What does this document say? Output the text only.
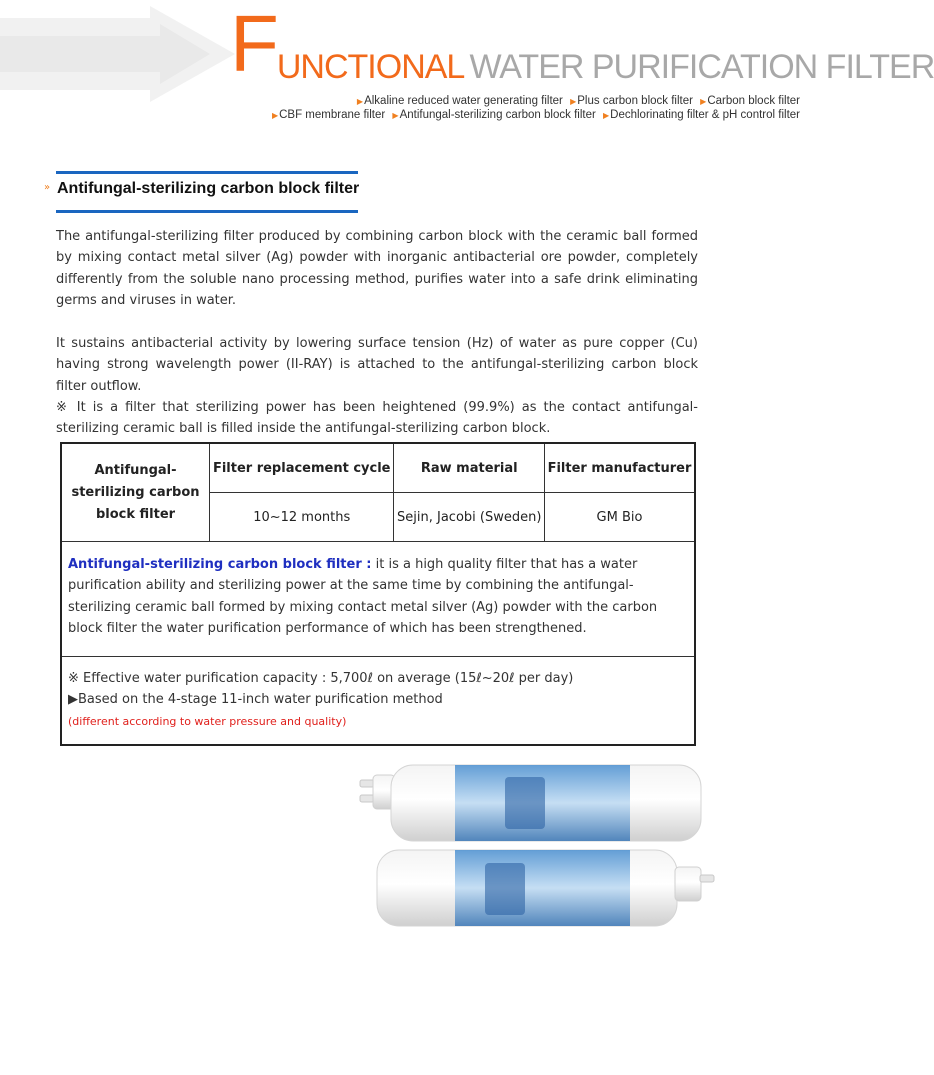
FUNCTIONAL WATER PURIFICATION FILTER
▶Alkaline reduced water generating filter ▶Plus carbon block filter ▶Carbon block filter
▶CBF membrane filter ▶Antifungal-sterilizing carbon block filter ▶Dechlorinating filter & pH control filter
» Antifungal-sterilizing carbon block filter
The antifungal-sterilizing filter produced by combining carbon block with the ceramic ball formed by mixing contact metal silver (Ag) powder with inorganic antibacterial ore powder, completely differently from the soluble nano processing method, purifies water into a safe drink eliminating germs and viruses in water.
It sustains antibacterial activity by lowering surface tension (Hz) of water as pure copper (Cu) having strong wavelength power (II-RAY) is attached to the antifungal-sterilizing carbon block filter outflow.
※ It is a filter that sterilizing power has been heightened (99.9%) as the contact antifungal-sterilizing ceramic ball is filled inside the antifungal-sterilizing carbon block.
Antifungal-sterilizing carbon block filter	Filter replacement cycle	Raw material	Filter manufacturer
	10~12 months	Sejin, Jacobi (Sweden)	GM Bio
Antifungal-sterilizing carbon block filter : it is a high quality filter that has a water purification ability and sterilizing power at the same time by combining the antifungal-sterilizing ceramic ball formed by mixing contact metal silver (Ag) powder with the carbon block filter the water purification performance of which has been strengthened.
※ Effective water purification capacity : 5,700ℓ on average (15ℓ~20ℓ per day)
▶Based on the 4-stage 11-inch water purification method
(different according to water pressure and quality)
